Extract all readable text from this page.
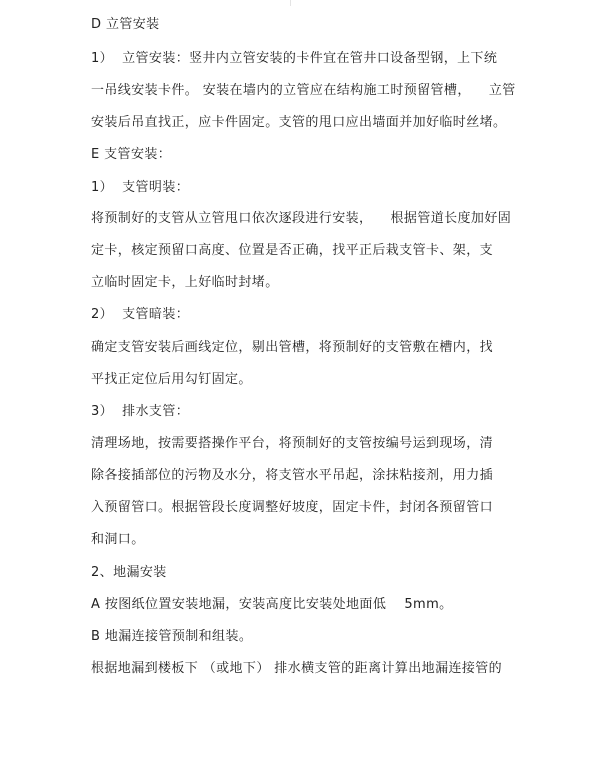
D 立管安装
1）  立管安装：竖井内立管安装的卡件宜在管井口设备型钢，上下统
一吊线安装卡件。 安装在墙内的立管应在结构施工时预留管槽，    立管
安装后吊直找正，应卡件固定。支管的甩口应出墙面并加好临时丝堵。
E 支管安装：
1）  支管明装：
将预制好的支管从立管甩口依次逐段进行安装，    根据管道长度加好固
定卡，核定预留口高度、位置是否正确，找平正后栽支管卡、架，支
立临时固定卡，上好临时封堵。
2）  支管暗装：
确定支管安装后画线定位，剔出管槽，将预制好的支管敷在槽内，找
平找正定位后用勾钉固定。
3）  排水支管：
清理场地，按需要搭操作平台，将预制好的支管按编号运到现场，清
除各接插部位的污物及水分，将支管水平吊起，涂抹粘接剂，用力插
入预留管口。根据管段长度调整好坡度，固定卡件，封闭各预留管口
和洞口。
2、地漏安装
A 按图纸位置安装地漏，安装高度比安装处地面低    5mm。
B 地漏连接管预制和组装。
根据地漏到楼板下 （或地下） 排水横支管的距离计算出地漏连接管的
